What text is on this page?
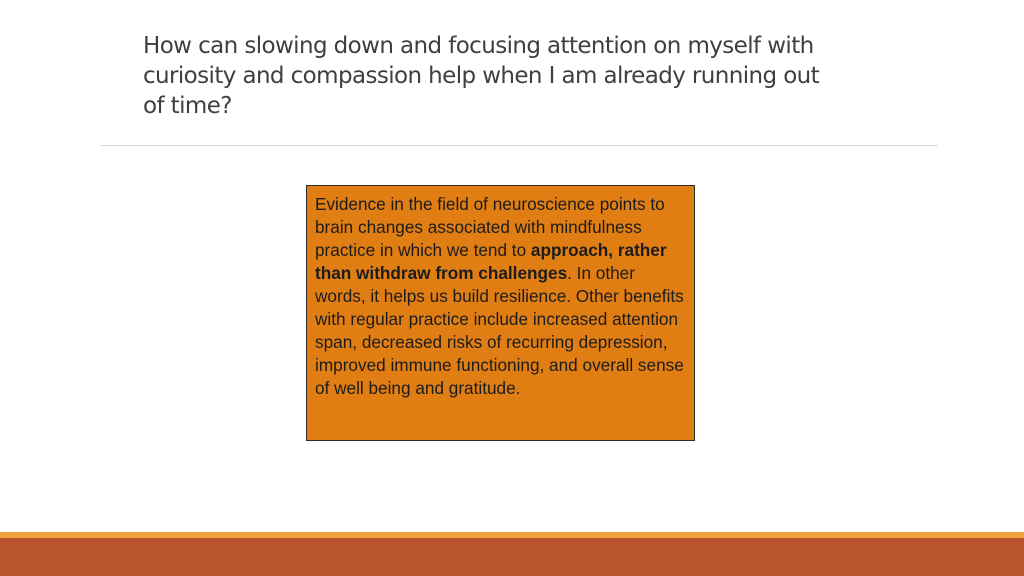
How can slowing down and focusing attention on myself with curiosity and compassion help when I am already running out of time?
Evidence in the field of neuroscience points to brain changes associated with mindfulness practice in which we tend to approach, rather than withdraw from challenges. In other words, it helps us build resilience. Other benefits with regular practice include increased attention span, decreased risks of recurring depression, improved immune functioning, and overall sense of well being and gratitude.
